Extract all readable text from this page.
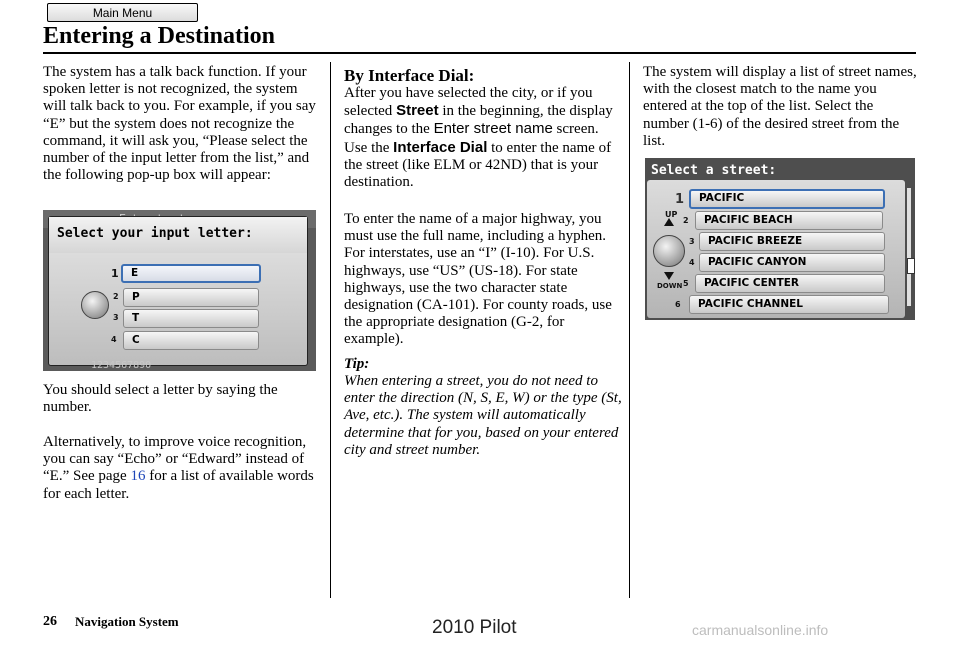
Main Menu
Entering a Destination

The system has a talk back function. If your spoken letter is not recognized, the system will talk back to you. For example, if you say “E” but the system does not recognize the command, it will ask you, “Please select the number of the input letter from the list,” and the following pop-up box will appear:

Select your input letter:
1	E
2	P
3	T
4	C
1234567890

You should select a letter by saying the number.

Alternatively, to improve voice recognition, you can say “Echo” or “Edward” instead of “E.” See page 16 for a list of available words for each letter.

By Interface Dial:

After you have selected the city, or if you selected Street in the beginning, the display changes to the Enter street name screen. Use the Interface Dial to enter the name of the street (like ELM or 42ND) that is your destination.

To enter the name of a major highway, you must use the full name, including a hyphen. For interstates, use an “I” (I-10). For U.S. highways, use “US” (US-18). For state highways, use the two character state designation (CA-101). For county roads, use the appropriate designation (G-2, for example).

Tip:

When entering a street, you do not need to enter the direction (N, S, E, W) or the type (St, Ave, etc.). The system will automatically determine that for you, based on your entered city and street number.

The system will display a list of street names, with the closest match to the name you entered at the top of the list. Select the number (1-6) of the desired street from the list.

Select a street:
UP
DOWN
1	PACIFIC
2	PACIFIC BEACH
3	PACIFIC BREEZE
4	PACIFIC CANYON
5	PACIFIC CENTER
6	PACIFIC CHANNEL
26 Navigation System	2010 Pilot	carmanualsonline.info
